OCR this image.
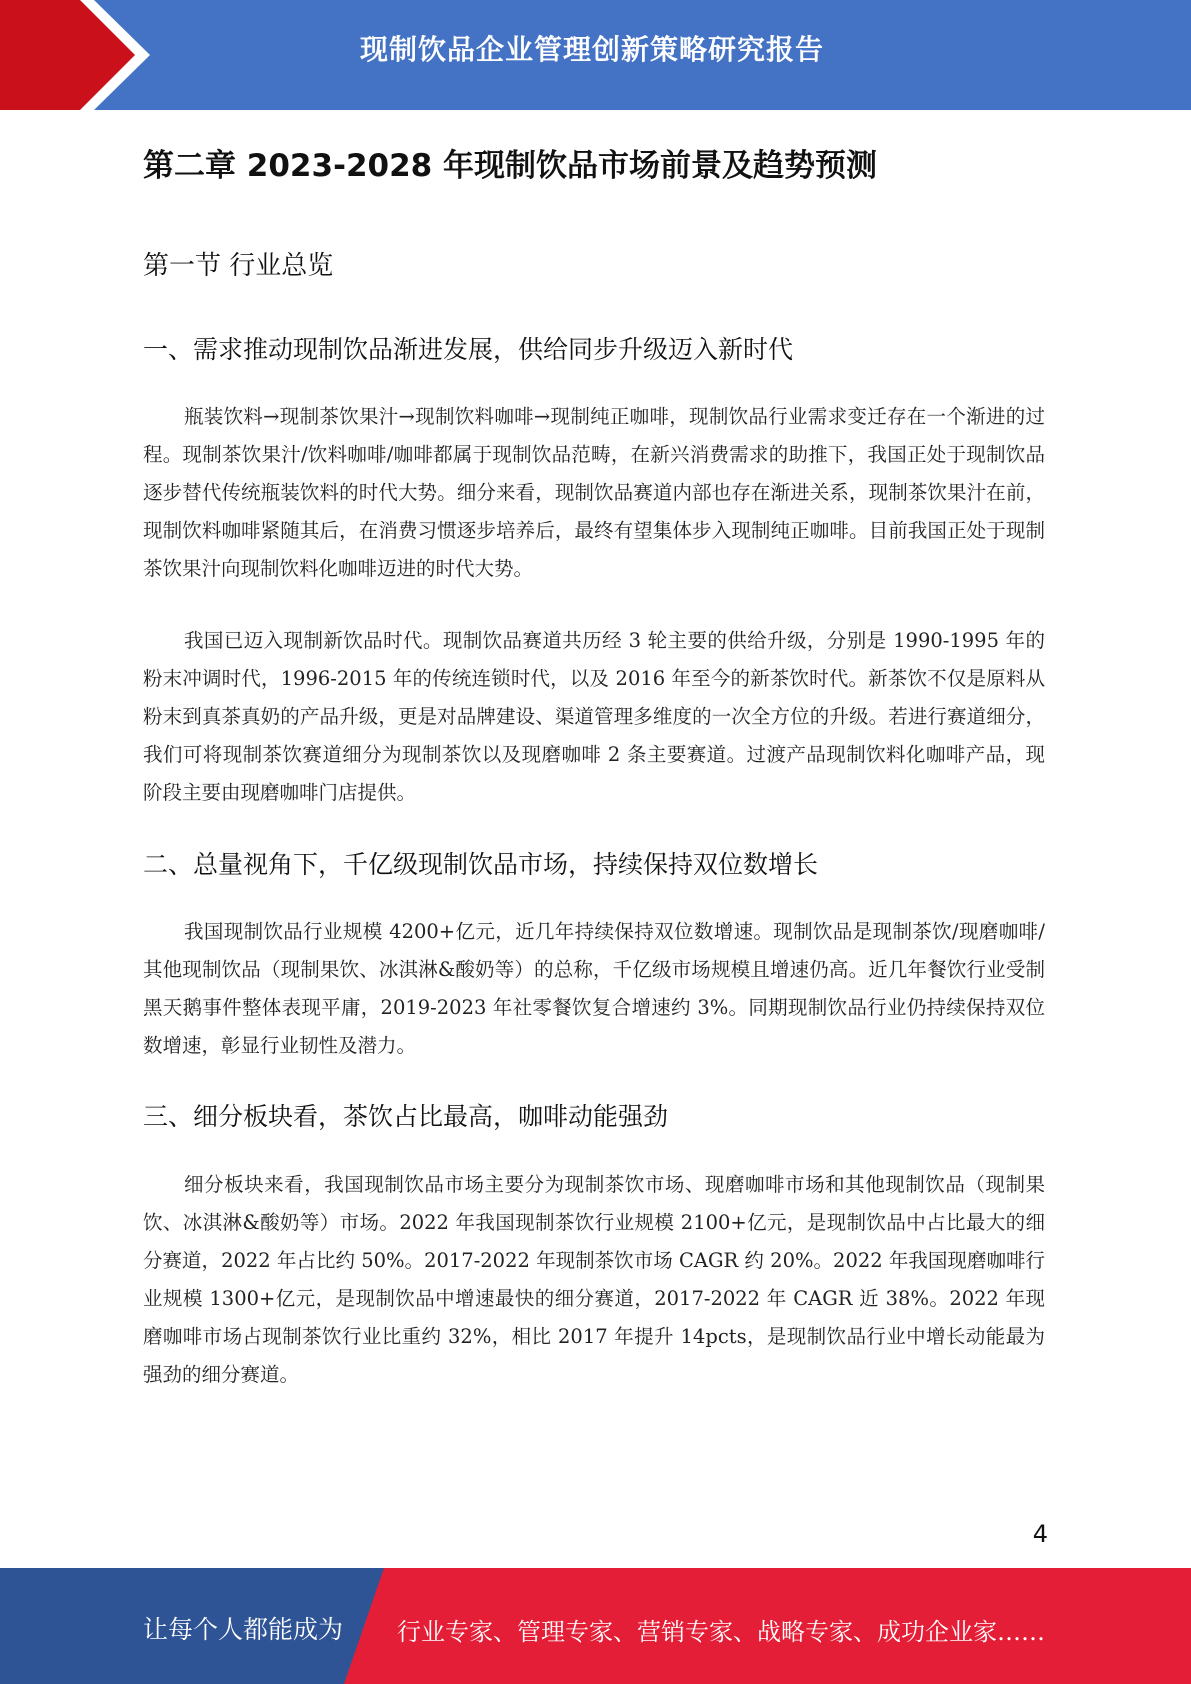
现制饮品企业管理创新策略研究报告
第二章 2023-2028 年现制饮品市场前景及趋势预测
第一节 行业总览
一、需求推动现制饮品渐进发展，供给同步升级迈入新时代

瓶装饮料→现制茶饮果汁→现制饮料咖啡→现制纯正咖啡，现制饮品行业需求变迁存在一个渐进的过程。现制茶饮果汁/饮料咖啡/咖啡都属于现制饮品范畴，在新兴消费需求的助推下，我国正处于现制饮品逐步替代传统瓶装饮料的时代大势。细分来看，现制饮品赛道内部也存在渐进关系，现制茶饮果汁在前，现制饮料咖啡紧随其后，在消费习惯逐步培养后，最终有望集体步入现制纯正咖啡。目前我国正处于现制茶饮果汁向现制饮料化咖啡迈进的时代大势。

我国已迈入现制新饮品时代。现制饮品赛道共历经 3 轮主要的供给升级，分别是 1990-1995 年的粉末冲调时代，1996-2015 年的传统连锁时代，以及 2016 年至今的新茶饮时代。新茶饮不仅是原料从粉末到真茶真奶的产品升级，更是对品牌建设、渠道管理多维度的一次全方位的升级。若进行赛道细分，我们可将现制茶饮赛道细分为现制茶饮以及现磨咖啡 2 条主要赛道。过渡产品现制饮料化咖啡产品，现阶段主要由现磨咖啡门店提供。

二、总量视角下，千亿级现制饮品市场，持续保持双位数增长

我国现制饮品行业规模 4200+亿元，近几年持续保持双位数增速。现制饮品是现制茶饮/现磨咖啡/其他现制饮品（现制果饮、冰淇淋&酸奶等）的总称，千亿级市场规模且增速仍高。近几年餐饮行业受制黑天鹅事件整体表现平庸，2019-2023 年社零餐饮复合增速约 3%。同期现制饮品行业仍持续保持双位数增速，彰显行业韧性及潜力。

三、细分板块看，茶饮占比最高，咖啡动能强劲

细分板块来看，我国现制饮品市场主要分为现制茶饮市场、现磨咖啡市场和其他现制饮品（现制果饮、冰淇淋&酸奶等）市场。2022 年我国现制茶饮行业规模 2100+亿元，是现制饮品中占比最大的细分赛道，2022 年占比约 50%。2017-2022 年现制茶饮市场 CAGR 约 20%。2022 年我国现磨咖啡行业规模 1300+亿元，是现制饮品中增速最快的细分赛道，2017-2022 年 CAGR 近 38%。2022 年现磨咖啡市场占现制茶饮行业比重约 32%，相比 2017 年提升 14pcts，是现制饮品行业中增长动能最为强劲的细分赛道。

4
让每个人都能成为 行业专家、管理专家、营销专家、战略专家、成功企业家……
